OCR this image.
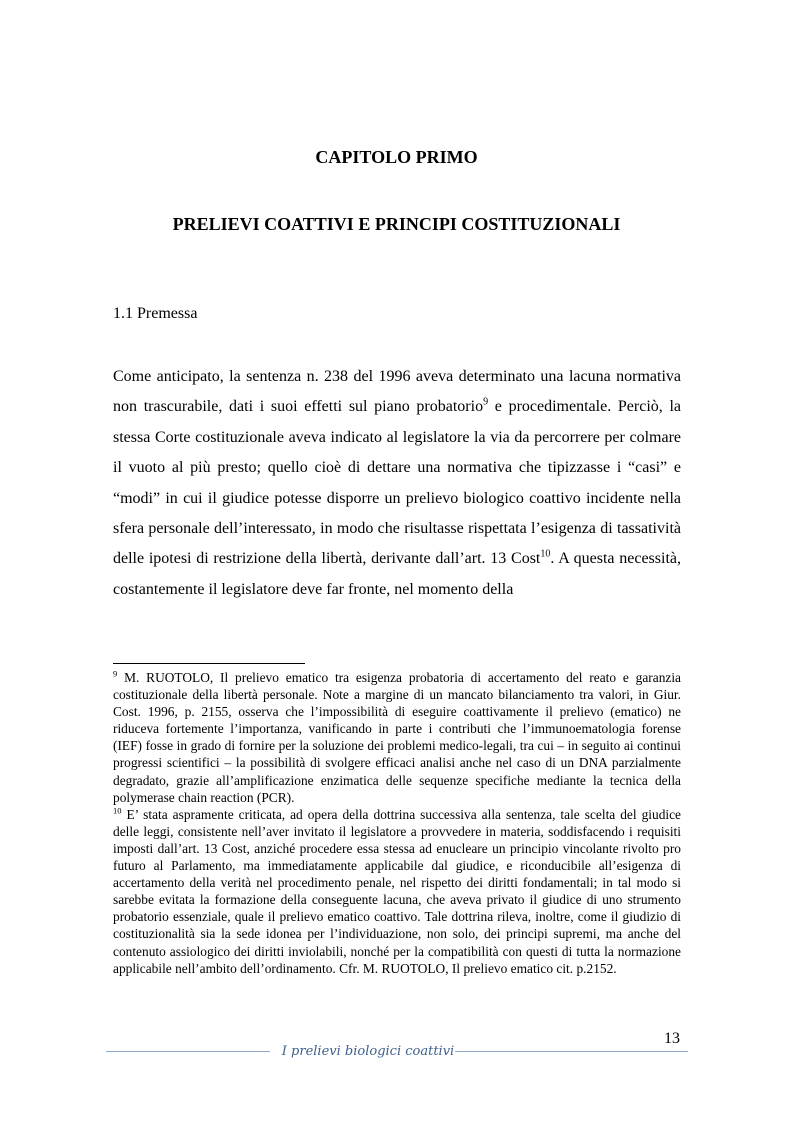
CAPITOLO PRIMO
PRELIEVI COATTIVI E PRINCIPI COSTITUZIONALI
1.1 Premessa

Come anticipato, la sentenza n. 238 del 1996 aveva determinato una lacuna normativa non trascurabile, dati i suoi effetti sul piano probatorio$^9$ e procedimentale. Perciò, la stessa Corte costituzionale aveva indicato al legislatore la via da percorrere per colmare il vuoto al più presto; quello cioè di dettare una normativa che tipizzasse i “casi” e “modi” in cui il giudice potesse disporre un prelievo biologico coattivo incidente nella sfera personale dell’interessato, in modo che risultasse rispettata l’esigenza di tassatività delle ipotesi di restrizione della libertà, derivante dall’art. 13 Cost$^{10}$. A questa necessità, costantemente il legislatore deve far fronte, nel momento della

$^9$ M. RUOTOLO, Il prelievo ematico tra esigenza probatoria di accertamento del reato e garanzia costituzionale della libertà personale. Note a margine di un mancato bilanciamento tra valori, in Giur. Cost. 1996, p. 2155, osserva che l’impossibilità di eseguire coattivamente il prelievo (ematico) ne riduceva fortemente l’importanza, vanificando in parte i contributi che l’immunoematologia forense (IEF) fosse in grado di fornire per la soluzione dei problemi medico-legali, tra cui – in seguito ai continui progressi scientifici – la possibilità di svolgere efficaci analisi anche nel caso di un DNA parzialmente degradato, grazie all’amplificazione enzimatica delle sequenze specifiche mediante la tecnica della polymerase chain reaction (PCR).

$^{10}$ E’ stata aspramente criticata, ad opera della dottrina successiva alla sentenza, tale scelta del giudice delle leggi, consistente nell’aver invitato il legislatore a provvedere in materia, soddisfacendo i requisiti imposti dall’art. 13 Cost, anziché procedere essa stessa ad enucleare un principio vincolante rivolto pro futuro al Parlamento, ma immediatamente applicabile dal giudice, e riconducibile all’esigenza di accertamento della verità nel procedimento penale, nel rispetto dei diritti fondamentali; in tal modo si sarebbe evitata la formazione della conseguente lacuna, che aveva privato il giudice di uno strumento probatorio essenziale, quale il prelievo ematico coattivo. Tale dottrina rileva, inoltre, come il giudizio di costituzionalità sia la sede idonea per l’individuazione, non solo, dei principi supremi, ma anche del contenuto assiologico dei diritti inviolabili, nonché per la compatibilità con questi di tutta la normazione applicabile nell’ambito dell’ordinamento. Cfr. M. RUOTOLO, Il prelievo ematico cit. p.2152.

13
I prelievi biologici coattivi
